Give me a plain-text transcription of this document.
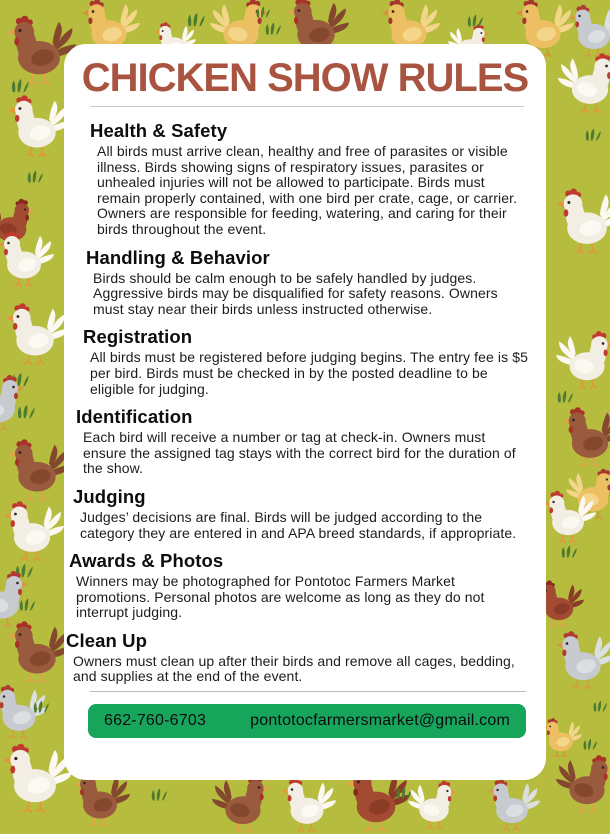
CHICKEN SHOW RULES
Health & Safety

All birds must arrive clean, healthy and free of parasites or visible illness. Birds showing signs of respiratory issues, parasites or unhealed injuries will not be allowed to participate. Birds must remain properly contained, with one bird per crate, cage, or carrier. Owners are responsible for feeding, watering, and caring for their birds throughout the event.

Handling & Behavior

Birds should be calm enough to be safely handled by judges. Aggressive birds may be disqualified for safety reasons. Owners must stay near their birds unless instructed otherwise.

Registration

All birds must be registered before judging begins. The entry fee is $5 per bird. Birds must be checked in by the posted deadline to be eligible for judging.

Identification

Each bird will receive a number or tag at check-in. Owners must ensure the assigned tag stays with the correct bird for the duration of the show.

Judging

Judges’ decisions are final. Birds will be judged according to the category they are entered in and APA breed standards, if appropriate.

Awards & Photos

Winners may be photographed for Pontotoc Farmers Market promotions. Personal photos are welcome as long as they do not interrupt judging.

Clean Up

Owners must clean up after their birds and remove all cages, bedding, and supplies at the end of the event.

662-760-6703	pontotocfarmersmarket@gmail.com
